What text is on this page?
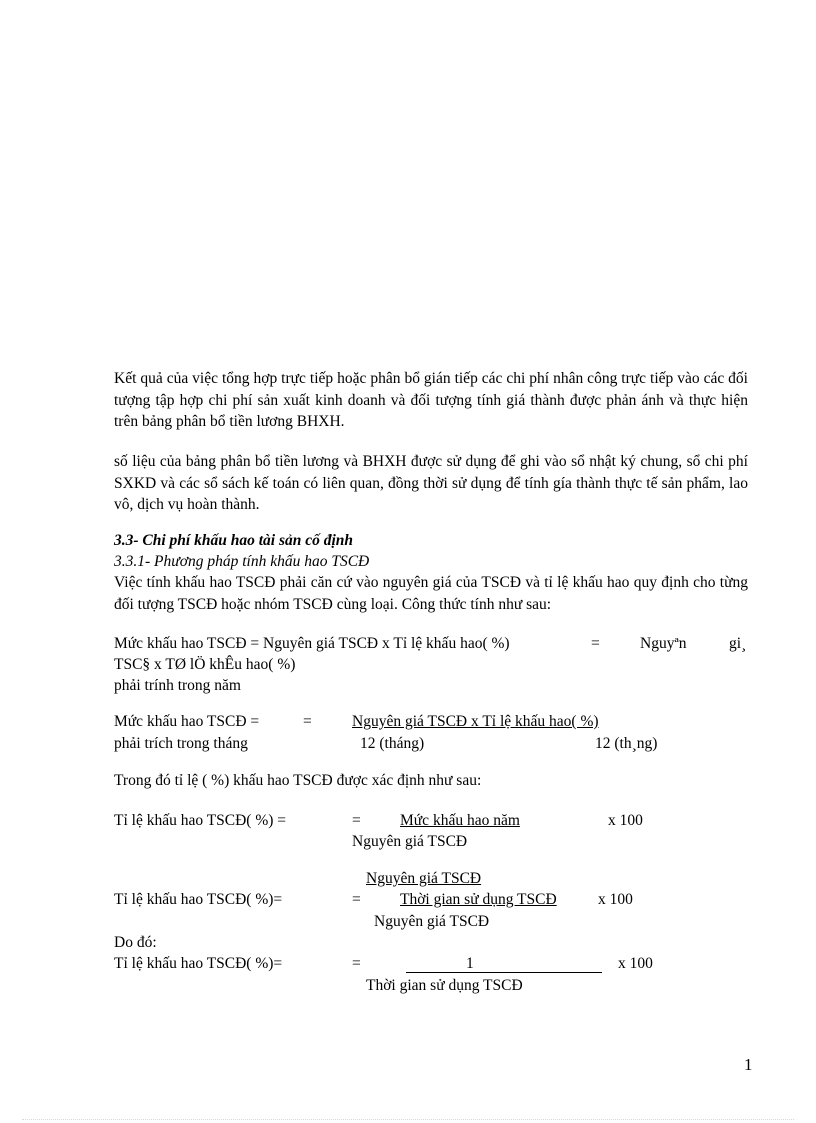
Kết quả của việc tổng hợp trực tiếp hoặc phân bổ gián tiếp các chi phí nhân công trực tiếp vào các đối tượng tập hợp chi phí sản xuất kinh doanh và đối tượng tính giá thành được phản ánh và thực hiện trên bảng phân bổ tiền lương BHXH.
số liệu của bảng phân bổ tiền lương và BHXH được sử dụng để ghi vào sổ nhật ký chung, sổ chi phí SXKD và các sổ sách kế toán có liên quan, đồng thời sử dụng để tính gía thành thực tế sản phẩm, lao vô, dịch vụ hoàn thành.
3.3- Chi phí khấu hao tài sản cố định
3.3.1- Phương pháp tính khấu hao TSCĐ
Việc tính khấu hao TSCĐ phải căn cứ vào nguyên giá của TSCĐ và tỉ lệ khấu hao quy định cho từng đối tượng TSCĐ hoặc nhóm TSCĐ cùng loại. Công thức tính như sau:
Mức khấu hao TSCĐ = Nguyên giá TSCĐ x Tỉ lệ khấu hao( %)	=	Nguyªn	gi¸
TSC§ x TØ lÖ khÊu hao( %)
phải trính trong năm
Mức khấu hao TSCĐ =	=	Nguyên giá TSCĐ x Tỉ lệ khấu hao( %)
phải trích trong tháng	12 (tháng)	12 (th¸ng)
Trong đó tỉ lệ ( %) khấu hao TSCĐ được xác định như sau:
Tỉ lệ khấu hao TSCĐ( %) =	=	Mức khấu hao năm	x 100
Nguyên giá TSCĐ
Nguyên giá TSCĐ
Tỉ lệ khấu hao TSCĐ( %)=	=	Thời gian sử dụng TSCĐ	x 100
Nguyên giá TSCĐ
Do đó:
Tỉ lệ khấu hao TSCĐ( %)=	=	1	x 100
Thời gian sử dụng TSCĐ
1
